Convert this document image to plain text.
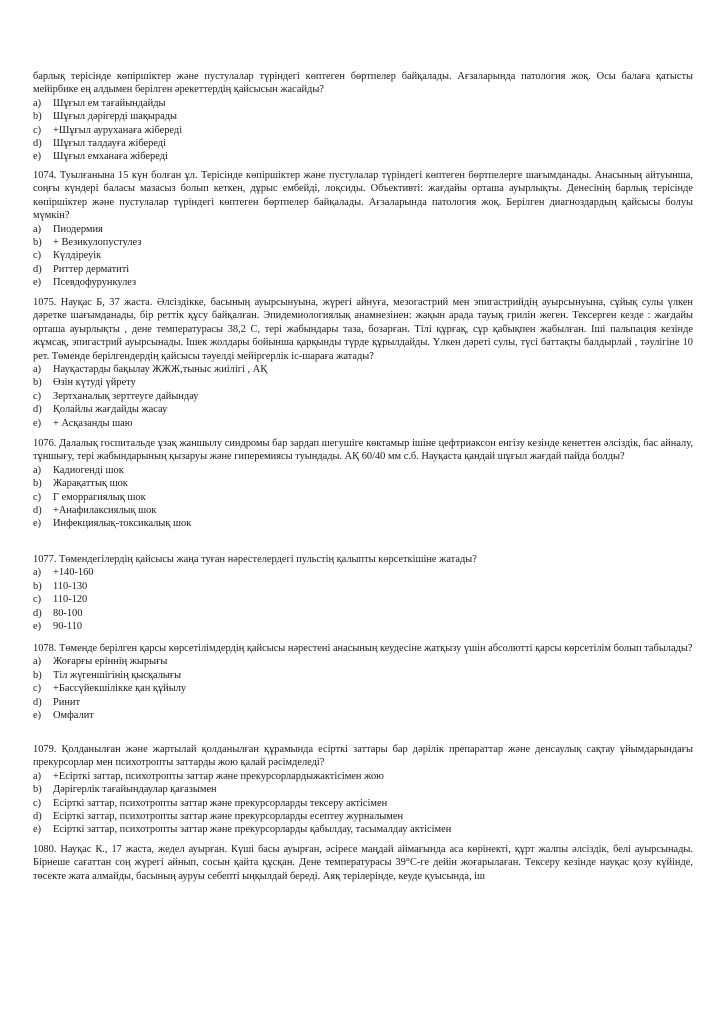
барлық терісінде көпіршіктер және пустулалар түріндегі көптеген бөртпелер байқалады. Ағзаларында патология жоқ. Осы балаға қатысты мейірбике ең алдымен берілген әрекеттердің қайсысын жасайды?

a)	Шұғыл ем тағайындайды
b)	Шұғыл дәрігерді шақырады
c)	+Шұғыл ауруханаға жібереді
d)	Шұғыл талдауға жібереді
e)	Шұғыл емханаға жібереді

1074. Туылғанына 15 күн болған ұл. Терісінде көпіршіктер және пустулалар түріндегі көптеген бөртпелерге шағымданады. Анасының айтуынша, соңғы күндері баласы мазасыз болып кеткен, дұрыс ембейді, лоқсиды. Объективті: жағдайы орташа ауырлықты. Денесінің барлық терісінде көпіршіктер және пустулалар түріндегі көптеген бөртпелер байқалады. Ағзаларында патология жоқ. Берілген диагноздардың қайсысы болуы мүмкін?

a)	Пиодермия
b)	+ Везикулопустулез
c)	Күлдіреуік
d)	Риттер дерматиті
e)	Псевдофурункулез

1075. Науқас Б, 37 жаста. Әлсіздікке, басының ауырсынуына, жүрегі айнуға, мезогастрий мен эпигастрийдің ауырсынуына, сұйық сулы үлкен дәретке шағымданады, бір реттік құсу байқалған. Эпидемиологиялық анамнезінен: жақын арада тауық грилін жеген. Тексерген кезде : жағдайы орташа ауырлықты , дене температурасы 38,2 С, тері жабындары таза, бозарған. Тілі құрғақ, сұр қабықпен жабылған. Іші пальпация кезінде жұмсақ, эпигастрий ауырсынады. Ішек жолдары бойынша қарқынды түрде құрылдайды. Үлкен дәреті сулы, түсі баттақты балдырлай , тәулігіне 10 рет. Төменде берілгендердің қайсысы тәуелді мейіргерлік іс-шараға жатады?

a)	Науқастарды бақылау ЖЖЖ,тыныс жиілігі , АҚ
b)	Өзін күтуді үйрету
c)	Зертханалық зерттеуге дайындау
d)	Қолайлы жағдайды жасау
e)	+ Асқазанды шаю

1076. Далалық госпитальде ұзақ жаншылу синдромы бар зардап шегушіге көктамыр ішіне цефтриаксон енгізу кезінде кенеттен әлсіздік, бас айналу, тұншығу, тері жабындарының қызаруы және гиперемиясы туындады. АҚ 60/40 мм с.б. Науқаста қандай шұғыл жағдай пайда болды?

a)	Кадиогенді шок
b)	Жарақаттық шок
c)	Г еморрагиялық шок
d)	+Анафилаксиялық шок
e)	Инфекциялық-токсикалық шок

1077. Төмендегілердің қайсысы жаңа туған нәрестелердегі пульстің қалыпты көрсеткішіне жатады?

a)	+140-160
b)	110-130
c)	110-120
d)	80-100
e)	90-110

1078. Төменде берілген қарсы көрсетілімдердің қайсысы нәрестені анасының кеудесіне жатқызу үшін абсолютті қарсы көрсетілім болып табылады?

a)	Жоғарғы еріннің жырығы
b)	Тіл жүгеншігінің қысқалығы
c)	+Бассүйекшілікке қан құйылу
d)	Ринит
e)	Омфалит

1079. Қолданылған және жартылай қолданылған құрамында есірткі заттары бар дәрілік препараттар және денсаулық сақтау ұйымдарындағы прекурсорлар мен психотропты заттарды жою қалай рәсімделеді?

a)	+Есірткі заттар, психотропты заттар және прекурсорлардыжактісімен жою
b)	Дәрігерлік тағайындаулар қағазымен
c)	Есірткі заттар, психотропты заттар және прекурсорларды тексеру актісімен
d)	Есірткі заттар, психотропты заттар және прекурсорларды есептеу журналымен
e)	Есірткі заттар, психотропты заттар және прекурсорларды қабылдау, тасымалдау актісімен

1080. Науқас К., 17 жаста, жедел ауырған. Күші басы ауырған, әсіресе маңдай аймағында аса көрінекті, құрт жалпы әлсіздік, белі ауырсынады. Бірнеше сағаттан соң жүрегі айнып, сосын қайта құсқан. Дене температурасы 39°С-ге дейін жоғарылаған. Тексеру кезінде науқас қозу күйінде, төсекте жата алмайды, басының ауруы себепті ыңқылдай береді. Аяқ терілерінде, кеуде қуысында, іш
